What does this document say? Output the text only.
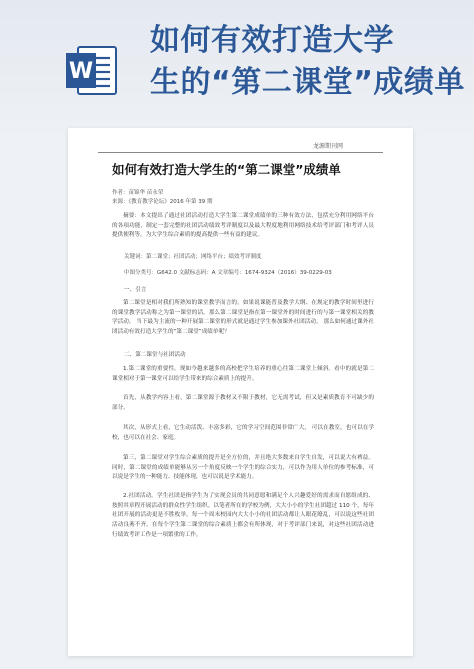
W
如何有效打造大学
生的“第二课堂”成绩单
龙源期刊网
如何有效打造大学生的“第二课堂”成绩单
作者：苗锦华 苗永荣
来源：《教育教学论坛》2016 年第 39 期

摘要：本文提出了通过社团活动打造大学生第二课堂成绩单的三种有效方法，包括充分利用网络平台的各项功能，制定一套完整的社团活动绩效考评制度以及最大程度地利用网络技术给考评部门和考评人员提供便利等，为大学生综合素质的提高提供一些有益的建议。

关键词：第二课堂；社团活动；网络平台；绩效考评制度
中图分类号：G642.0 文献标志码：A 文章编号：1674-9324（2016）39-0229-03
一、引言

第二课堂是相对我们所熟知的课堂教学而言的。如果说课能普及教学大纲、在规定的教学时间里进行的课堂教学活动称之为第一课堂的话，那么第二课堂是指在第一课堂外的时间进行的与第一课堂相关的教学活动。 当下最为主流的一种开展第二课堂的形式就是通过学生参加课外社团活动。 那么如何通过课外社团活动有效打造大学生的“第二课堂”成绩单呢？

二、第二课堂与社团活动

1.第二课堂的重要性。现如今越来越多的高校把学生培养的重心往第二课堂上倾斜。看中的就是第二课堂相对于第一课堂可以给学生带来的综合素质上的提升。

首先，从教学内容上看，第二课堂源于教材又不限于教材，它无需考试，但又是素质教育不可缺少的部分。

其次，从形式上看，它生动活泼、丰富多彩，它的学习空间范围非常广大， 可以在教室，也可以在学校，也可以在社会、家庭。

第三，第二课堂对学生综合素质的提升是全方位的，并且绝大多数来自学生自发，可以说大有裨益。 同时，第二课堂的成绩单能够从另一个角度反映一个学生的综合实力，可以作为用人单位的参考标准，可以说是学生的一种能力、技能体现，也可以说是学术能力。

2.社团活动。学生社团是指学生为了实现会员的共同意愿和满足个人兴趣爱好的需求而自愿组成的、按照其章程开展活动的群众性学生组织。以笔者所在的学校为例，大大小小的学生社团超过 110 个，每年社团开展的活动更是不胜枚举，每一个周末校园内大大小小的社团活动都让人眼花缭乱，可以说这些社团活动良莠不齐，在每个学生第二课堂的综合素质上都会有所体现，对于考评部门来说，对这些社团活动进行绩效考评工作是一项繁重的工作。
